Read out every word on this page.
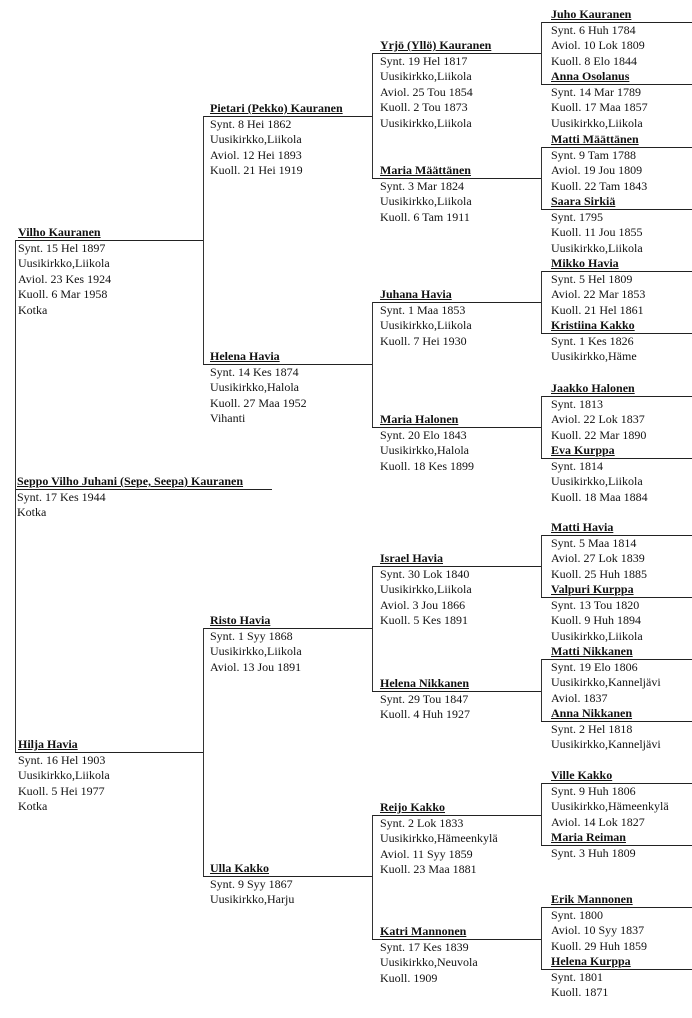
Seppo Vilho Juhani (Sepe, Seepa) Kauranen
Synt. 17 Kes 1944
Kotka
Vilho Kauranen
Synt. 15 Hel 1897
Uusikirkko,Liikola
Aviol. 23 Kes 1924
Kuoll. 6 Mar 1958
Kotka
Hilja Havia
Synt. 16 Hel 1903
Uusikirkko,Liikola
Kuoll. 5 Hei 1977
Kotka
Pietari (Pekko) Kauranen
Synt. 8 Hei 1862
Uusikirkko,Liikola
Aviol. 12 Hei 1893
Kuoll. 21 Hei 1919
Helena Havia
Synt. 14 Kes 1874
Uusikirkko,Halola
Kuoll. 27 Maa 1952
Vihanti
Risto Havia
Synt. 1 Syy 1868
Uusikirkko,Liikola
Aviol. 13 Jou 1891
Ulla Kakko
Synt. 9 Syy 1867
Uusikirkko,Harju
Yrjö (Yllö) Kauranen
Synt. 19 Hel 1817
Uusikirkko,Liikola
Aviol. 25 Tou 1854
Kuoll. 2 Tou 1873
Uusikirkko,Liikola
Maria Määttänen
Synt. 3 Mar 1824
Uusikirkko,Liikola
Kuoll. 6 Tam 1911
Juhana Havia
Synt. 1 Maa 1853
Uusikirkko,Liikola
Kuoll. 7 Hei 1930
Maria Halonen
Synt. 20 Elo 1843
Uusikirkko,Halola
Kuoll. 18 Kes 1899
Israel Havia
Synt. 30 Lok 1840
Uusikirkko,Liikola
Aviol. 3 Jou 1866
Kuoll. 5 Kes 1891
Helena Nikkanen
Synt. 29 Tou 1847
Kuoll. 4 Huh 1927
Reijo Kakko
Synt. 2 Lok 1833
Uusikirkko,Hämeenkylä
Aviol. 11 Syy 1859
Kuoll. 23 Maa 1881
Katri Mannonen
Synt. 17 Kes 1839
Uusikirkko,Neuvola
Kuoll. 1909
Juho Kauranen
Synt. 6 Huh 1784
Aviol. 10 Lok 1809
Kuoll. 8 Elo 1844
Anna Osolanus
Synt. 14 Mar 1789
Kuoll. 17 Maa 1857
Uusikirkko,Liikola
Matti Määttänen
Synt. 9 Tam 1788
Aviol. 19 Jou 1809
Kuoll. 22 Tam 1843
Saara Sirkiä
Synt. 1795
Kuoll. 11 Jou 1855
Uusikirkko,Liikola
Mikko Havia
Synt. 5 Hel 1809
Aviol. 22 Mar 1853
Kuoll. 21 Hel 1861
Kristiina Kakko
Synt. 1 Kes 1826
Uusikirkko,Häme
Jaakko Halonen
Synt. 1813
Aviol. 22 Lok 1837
Kuoll. 22 Mar 1890
Eva Kurppa
Synt. 1814
Uusikirkko,Liikola
Kuoll. 18 Maa 1884
Matti Havia
Synt. 5 Maa 1814
Aviol. 27 Lok 1839
Kuoll. 25 Huh 1885
Valpuri Kurppa
Synt. 13 Tou 1820
Kuoll. 9 Huh 1894
Uusikirkko,Liikola
Matti Nikkanen
Synt. 19 Elo 1806
Uusikirkko,Kanneljävi
Aviol. 1837
Anna Nikkanen
Synt. 2 Hel 1818
Uusikirkko,Kanneljävi
Ville Kakko
Synt. 9 Huh 1806
Uusikirkko,Hämeenkylä
Aviol. 14 Lok 1827
Maria Reiman
Synt. 3 Huh 1809
Erik Mannonen
Synt. 1800
Aviol. 10 Syy 1837
Kuoll. 29 Huh 1859
Helena Kurppa
Synt. 1801
Kuoll. 1871
